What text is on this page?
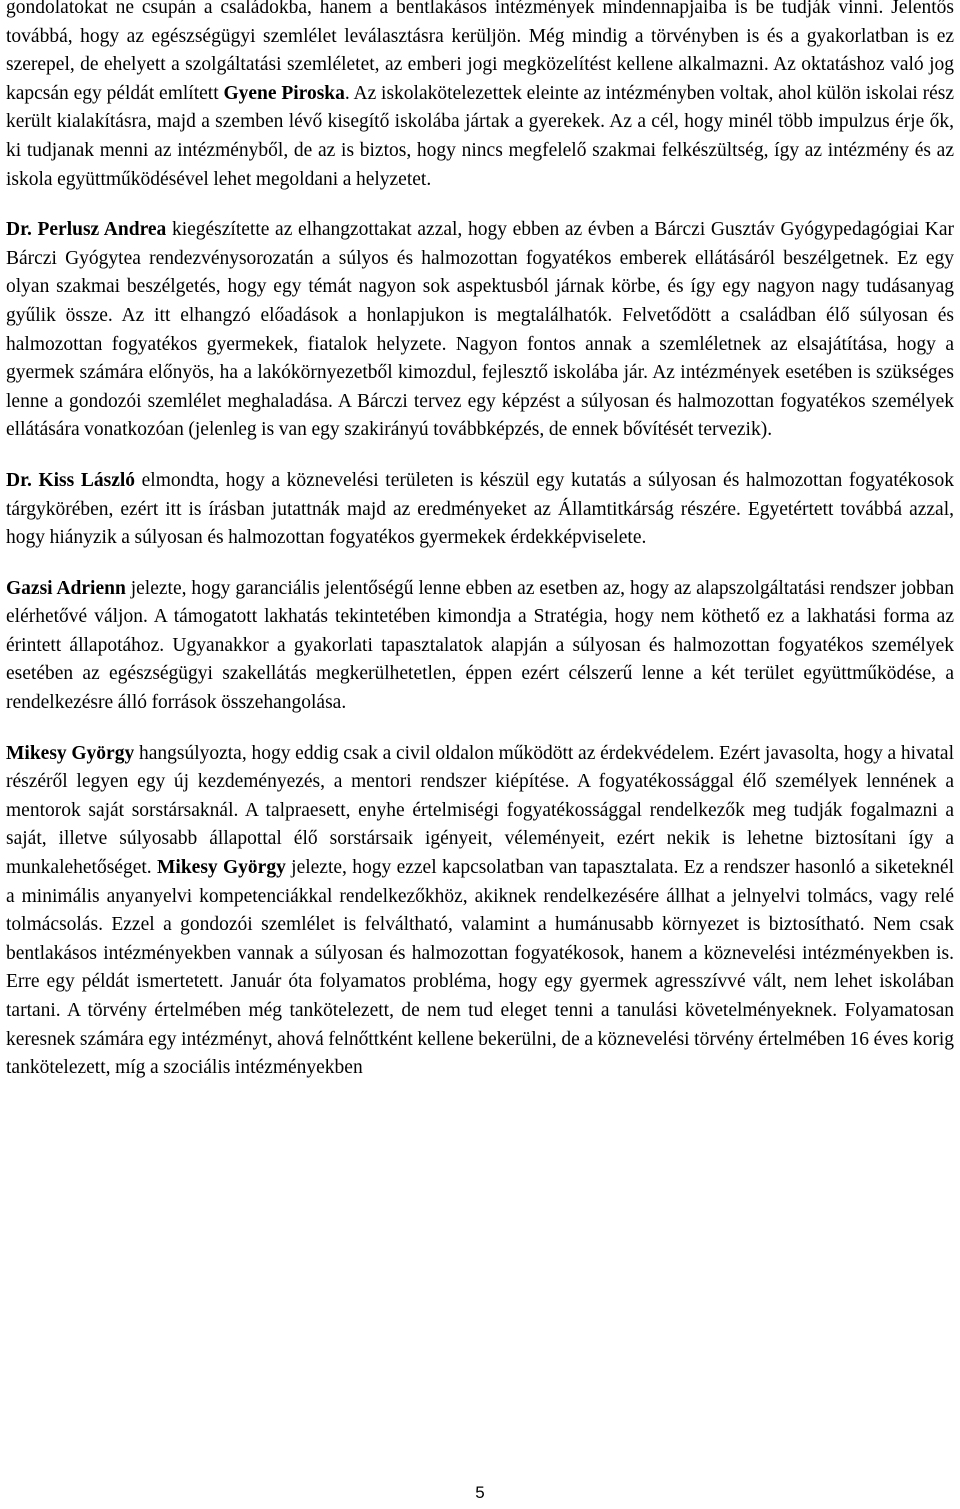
gondolatokat ne csupán a családokba, hanem a bentlakásos intézmények mindennapjaiba is be tudják vinni. Jelentős továbbá, hogy az egészségügyi szemlélet leválasztásra kerüljön. Még mindig a törvényben is és a gyakorlatban is ez szerepel, de ehelyett a szolgáltatási szemléletet, az emberi jogi megközelítést kellene alkalmazni. Az oktatáshoz való jog kapcsán egy példát említett Gyene Piroska. Az iskolakötelezettek eleinte az intézményben voltak, ahol külön iskolai rész került kialakításra, majd a szemben lévő kisegítő iskolába jártak a gyerekek. Az a cél, hogy minél több impulzus érje ők, ki tudjanak menni az intézményből, de az is biztos, hogy nincs megfelelő szakmai felkészültség, így az intézmény és az iskola együttműködésével lehet megoldani a helyzetet.

Dr. Perlusz Andrea kiegészítette az elhangzottakat azzal, hogy ebben az évben a Bárczi Gusztáv Gyógypedagógiai Kar Bárczi Gyógytea rendezvénysorozatán a súlyos és halmozottan fogyatékos emberek ellátásáról beszélgetnek. Ez egy olyan szakmai beszélgetés, hogy egy témát nagyon sok aspektusból járnak körbe, és így egy nagyon nagy tudásanyag gyűlik össze. Az itt elhangzó előadások a honlapjukon is megtalálhatók. Felvetődött a családban élő súlyosan és halmozottan fogyatékos gyermekek, fiatalok helyzete. Nagyon fontos annak a szemléletnek az elsajátítása, hogy a gyermek számára előnyös, ha a lakókörnyezetből kimozdul, fejlesztő iskolába jár. Az intézmények esetében is szükséges lenne a gondozói szemlélet meghaladása. A Bárczi tervez egy képzést a súlyosan és halmozottan fogyatékos személyek ellátására vonatkozóan (jelenleg is van egy szakirányú továbbképzés, de ennek bővítését tervezik).

Dr. Kiss László elmondta, hogy a köznevelési területen is készül egy kutatás a súlyosan és halmozottan fogyatékosok tárgykörében, ezért itt is írásban jutattnák majd az eredményeket az Államtitkárság részére. Egyetértett továbbá azzal, hogy hiányzik a súlyosan és halmozottan fogyatékos gyermekek érdekképviselete.

Gazsi Adrienn jelezte, hogy garanciális jelentőségű lenne ebben az esetben az, hogy az alapszolgáltatási rendszer jobban elérhetővé váljon. A támogatott lakhatás tekintetében kimondja a Stratégia, hogy nem köthető ez a lakhatási forma az érintett állapotához. Ugyanakkor a gyakorlati tapasztalatok alapján a súlyosan és halmozottan fogyatékos személyek esetében az egészségügyi szakellátás megkerülhetetlen, éppen ezért célszerű lenne a két terület együttműködése, a rendelkezésre álló források összehangolása.

Mikesy György hangsúlyozta, hogy eddig csak a civil oldalon működött az érdekvédelem. Ezért javasolta, hogy a hivatal részéről legyen egy új kezdeményezés, a mentori rendszer kiépítése. A fogyatékossággal élő személyek lennének a mentorok saját sorstársaknál. A talpraesett, enyhe értelmiségi fogyatékossággal rendelkezők meg tudják fogalmazni a saját, illetve súlyosabb állapottal élő sorstársaik igényeit, véleményeit, ezért nekik is lehetne biztosítani így a munkalehetőséget. Mikesy György jelezte, hogy ezzel kapcsolatban van tapasztalata. Ez a rendszer hasonló a siketeknél a minimális anyanyelvi kompetenciákkal rendelkezőkhöz, akiknek rendelkezésére állhat a jelnyelvi tolmács, vagy relé tolmácsolás. Ezzel a gondozói szemlélet is felváltható, valamint a humánusabb környezet is biztosítható. Nem csak bentlakásos intézményekben vannak a súlyosan és halmozottan fogyatékosok, hanem a köznevelési intézményekben is. Erre egy példát ismertetett. Január óta folyamatos probléma, hogy egy gyermek agresszívvé vált, nem lehet iskolában tartani. A törvény értelmében még tankötelezett, de nem tud eleget tenni a tanulási követelményeknek. Folyamatosan keresnek számára egy intézményt, ahová felnőttként kellene bekerülni, de a köznevelési törvény értelmében 16 éves korig tankötelezett, míg a szociális intézményekben

5
